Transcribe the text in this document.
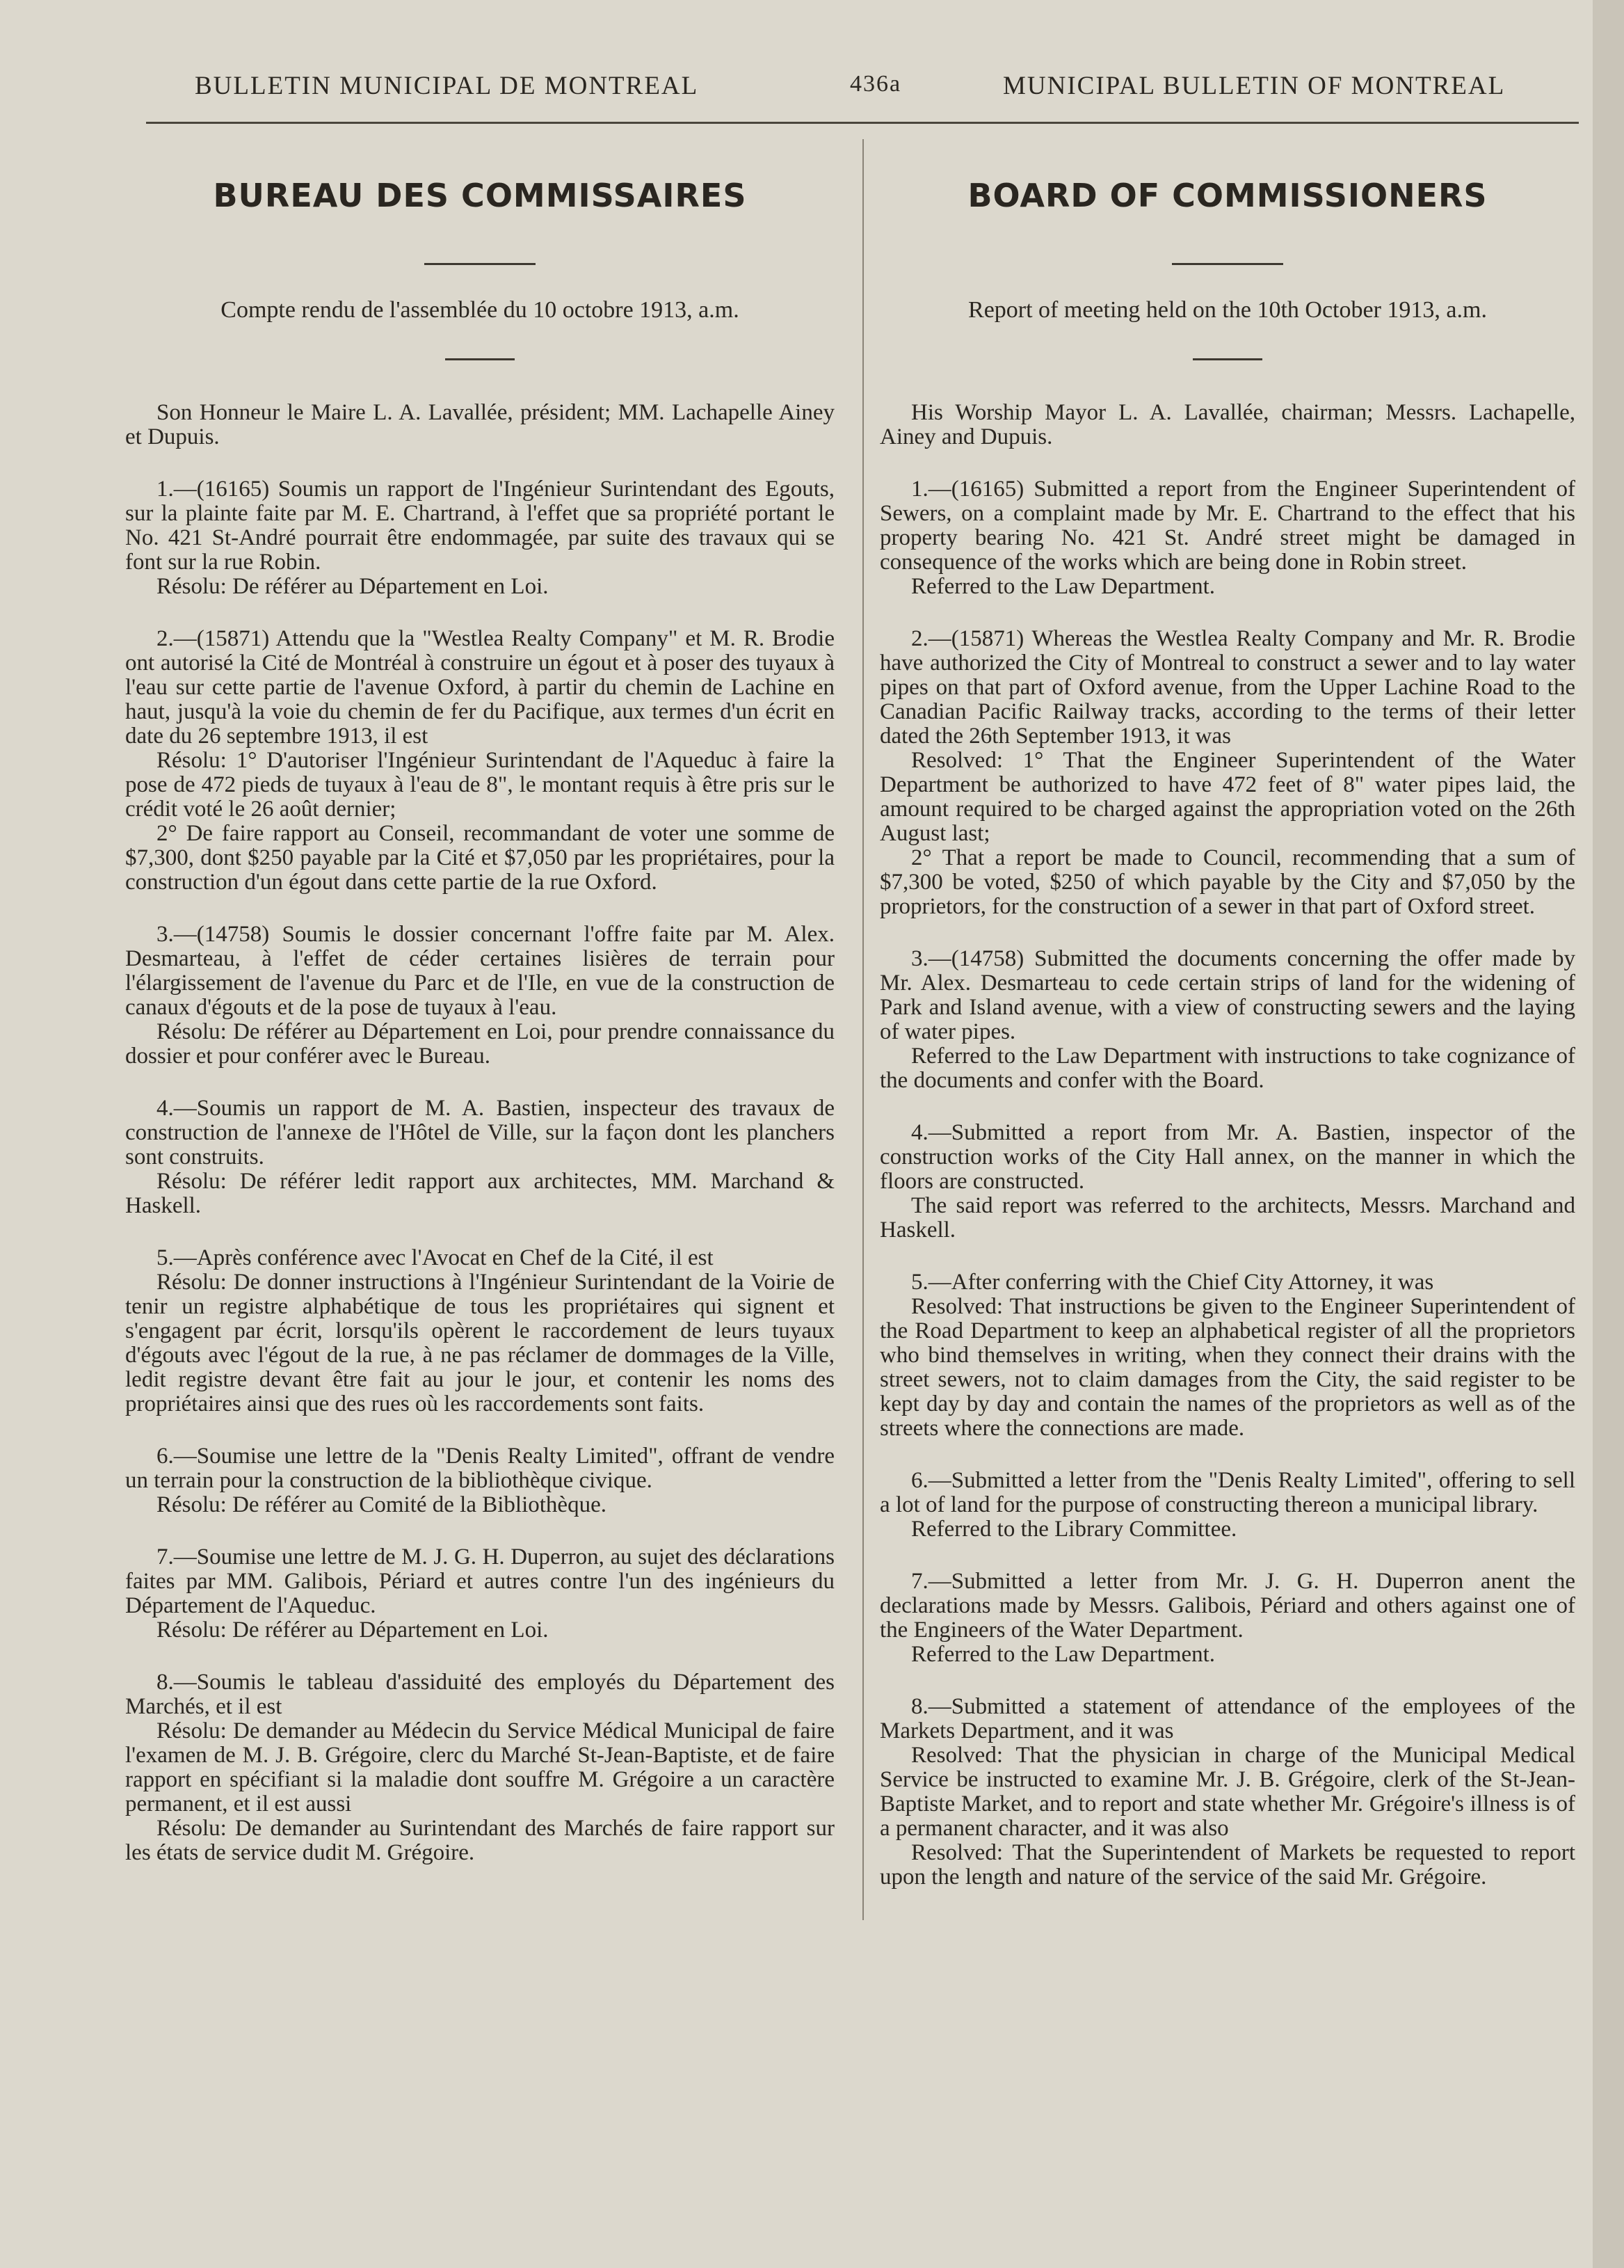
BULLETIN MUNICIPAL DE MONTREAL	436a	MUNICIPAL BULLETIN OF MONTREAL
BUREAU DES COMMISSAIRES
Compte rendu de l'assemblée du 10 octobre 1913, a.m.

Son Honneur le Maire L. A. Lavallée, président; MM. Lachapelle Ainey et Dupuis.

1.—(16165) Soumis un rapport de l'Ingénieur Surintendant des Egouts, sur la plainte faite par M. E. Chartrand, à l'effet que sa propriété portant le No. 421 St-André pourrait être endommagée, par suite des travaux qui se font sur la rue Robin.

Résolu: De référer au Département en Loi.

2.—(15871) Attendu que la "Westlea Realty Company" et M. R. Brodie ont autorisé la Cité de Montréal à construire un égout et à poser des tuyaux à l'eau sur cette partie de l'avenue Oxford, à partir du chemin de Lachine en haut, jusqu'à la voie du chemin de fer du Pacifique, aux termes d'un écrit en date du 26 septembre 1913, il est

Résolu: 1° D'autoriser l'Ingénieur Surintendant de l'Aqueduc à faire la pose de 472 pieds de tuyaux à l'eau de 8", le montant requis à être pris sur le crédit voté le 26 août dernier;

2° De faire rapport au Conseil, recommandant de voter une somme de $7,300, dont $250 payable par la Cité et $7,050 par les propriétaires, pour la construction d'un égout dans cette partie de la rue Oxford.

3.—(14758) Soumis le dossier concernant l'offre faite par M. Alex. Desmarteau, à l'effet de céder certaines lisières de terrain pour l'élargissement de l'avenue du Parc et de l'Ile, en vue de la construction de canaux d'égouts et de la pose de tuyaux à l'eau.

Résolu: De référer au Département en Loi, pour prendre connaissance du dossier et pour conférer avec le Bureau.

4.—Soumis un rapport de M. A. Bastien, inspecteur des travaux de construction de l'annexe de l'Hôtel de Ville, sur la façon dont les planchers sont construits.

Résolu: De référer ledit rapport aux architectes, MM. Marchand & Haskell.

5.—Après conférence avec l'Avocat en Chef de la Cité, il est

Résolu: De donner instructions à l'Ingénieur Surintendant de la Voirie de tenir un registre alphabétique de tous les propriétaires qui signent et s'engagent par écrit, lorsqu'ils opèrent le raccordement de leurs tuyaux d'égouts avec l'égout de la rue, à ne pas réclamer de dommages de la Ville, ledit registre devant être fait au jour le jour, et contenir les noms des propriétaires ainsi que des rues où les raccordements sont faits.

6.—Soumise une lettre de la "Denis Realty Limited", offrant de vendre un terrain pour la construction de la bibliothèque civique.

Résolu: De référer au Comité de la Bibliothèque.

7.—Soumise une lettre de M. J. G. H. Duperron, au sujet des déclarations faites par MM. Galibois, Périard et autres contre l'un des ingénieurs du Département de l'Aqueduc.

Résolu: De référer au Département en Loi.

8.—Soumis le tableau d'assiduité des employés du Département des Marchés, et il est

Résolu: De demander au Médecin du Service Médical Municipal de faire l'examen de M. J. B. Grégoire, clerc du Marché St-Jean-Baptiste, et de faire rapport en spécifiant si la maladie dont souffre M. Grégoire a un caractère permanent, et il est aussi

Résolu: De demander au Surintendant des Marchés de faire rapport sur les états de service dudit M. Grégoire.

BOARD OF COMMISSIONERS
Report of meeting held on the 10th October 1913, a.m.

His Worship Mayor L. A. Lavallée, chairman; Messrs. Lachapelle, Ainey and Dupuis.

1.—(16165) Submitted a report from the Engineer Superintendent of Sewers, on a complaint made by Mr. E. Chartrand to the effect that his property bearing No. 421 St. André street might be damaged in consequence of the works which are being done in Robin street.

Referred to the Law Department.

2.—(15871) Whereas the Westlea Realty Company and Mr. R. Brodie have authorized the City of Montreal to construct a sewer and to lay water pipes on that part of Oxford avenue, from the Upper Lachine Road to the Canadian Pacific Railway tracks, according to the terms of their letter dated the 26th September 1913, it was

Resolved: 1° That the Engineer Superintendent of the Water Department be authorized to have 472 feet of 8" water pipes laid, the amount required to be charged against the appropriation voted on the 26th August last;

2° That a report be made to Council, recommending that a sum of $7,300 be voted, $250 of which payable by the City and $7,050 by the proprietors, for the construction of a sewer in that part of Oxford street.

3.—(14758) Submitted the documents concerning the offer made by Mr. Alex. Desmarteau to cede certain strips of land for the widening of Park and Island avenue, with a view of constructing sewers and the laying of water pipes.

Referred to the Law Department with instructions to take cognizance of the documents and confer with the Board.

4.—Submitted a report from Mr. A. Bastien, inspector of the construction works of the City Hall annex, on the manner in which the floors are constructed.

The said report was referred to the architects, Messrs. Marchand and Haskell.

5.—After conferring with the Chief City Attorney, it was

Resolved: That instructions be given to the Engineer Superintendent of the Road Department to keep an alphabetical register of all the proprietors who bind themselves in writing, when they connect their drains with the street sewers, not to claim damages from the City, the said register to be kept day by day and contain the names of the proprietors as well as of the streets where the connections are made.

6.—Submitted a letter from the "Denis Realty Limited", offering to sell a lot of land for the purpose of constructing thereon a municipal library.

Referred to the Library Committee.

7.—Submitted a letter from Mr. J. G. H. Duperron anent the declarations made by Messrs. Galibois, Périard and others against one of the Engineers of the Water Department.

Referred to the Law Department.

8.—Submitted a statement of attendance of the employees of the Markets Department, and it was

Resolved: That the physician in charge of the Municipal Medical Service be instructed to examine Mr. J. B. Grégoire, clerk of the St-Jean-Baptiste Market, and to report and state whether Mr. Grégoire's illness is of a permanent character, and it was also

Resolved: That the Superintendent of Markets be requested to report upon the length and nature of the service of the said Mr. Grégoire.
